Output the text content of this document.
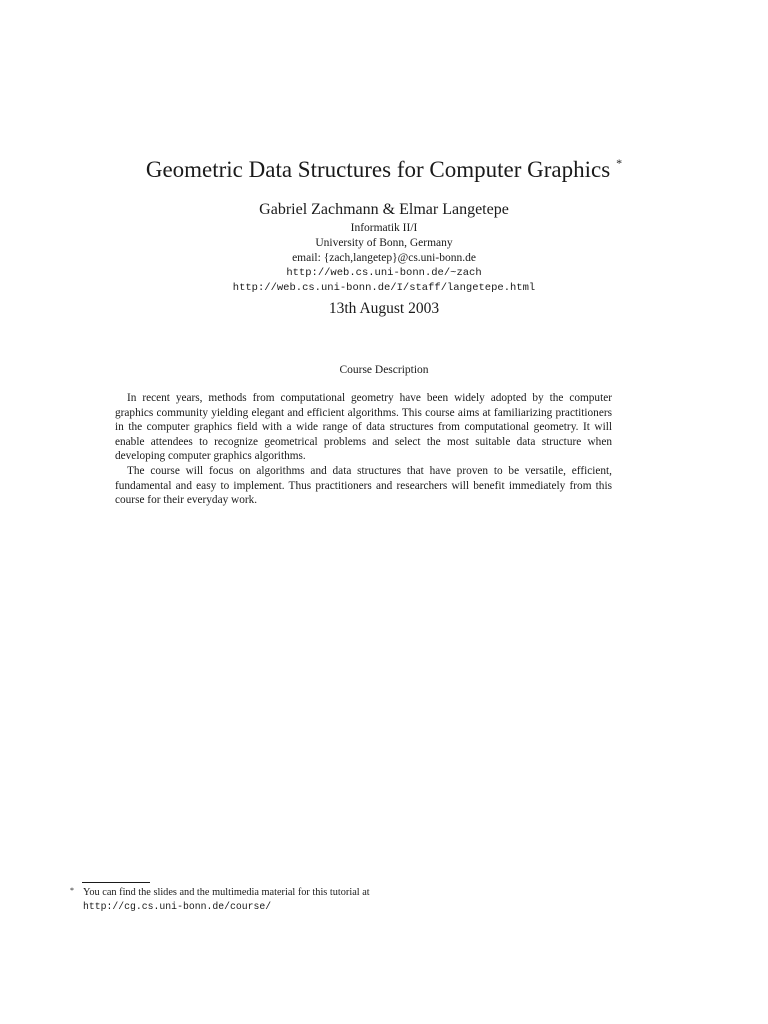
Geometric Data Structures for Computer Graphics *
Gabriel Zachmann & Elmar Langetepe
Informatik II/I
University of Bonn, Germany
email: {zach,langetep}@cs.uni-bonn.de
http://web.cs.uni-bonn.de/~zach
http://web.cs.uni-bonn.de/I/staff/langetepe.html
13th August 2003
Course Description

In recent years, methods from computational geometry have been widely adopted by the computer graphics community yielding elegant and efficient algorithms. This course aims at familiarizing practitioners in the computer graphics field with a wide range of data structures from computational geometry. It will enable attendees to recognize geometrical problems and select the most suitable data structure when developing computer graphics algorithms.

The course will focus on algorithms and data structures that have proven to be versatile, efficient, fundamental and easy to implement. Thus practitioners and researchers will benefit immediately from this course for their everyday work.

* You can find the slides and the multimedia material for this tutorial at http://cg.cs.uni-bonn.de/course/
